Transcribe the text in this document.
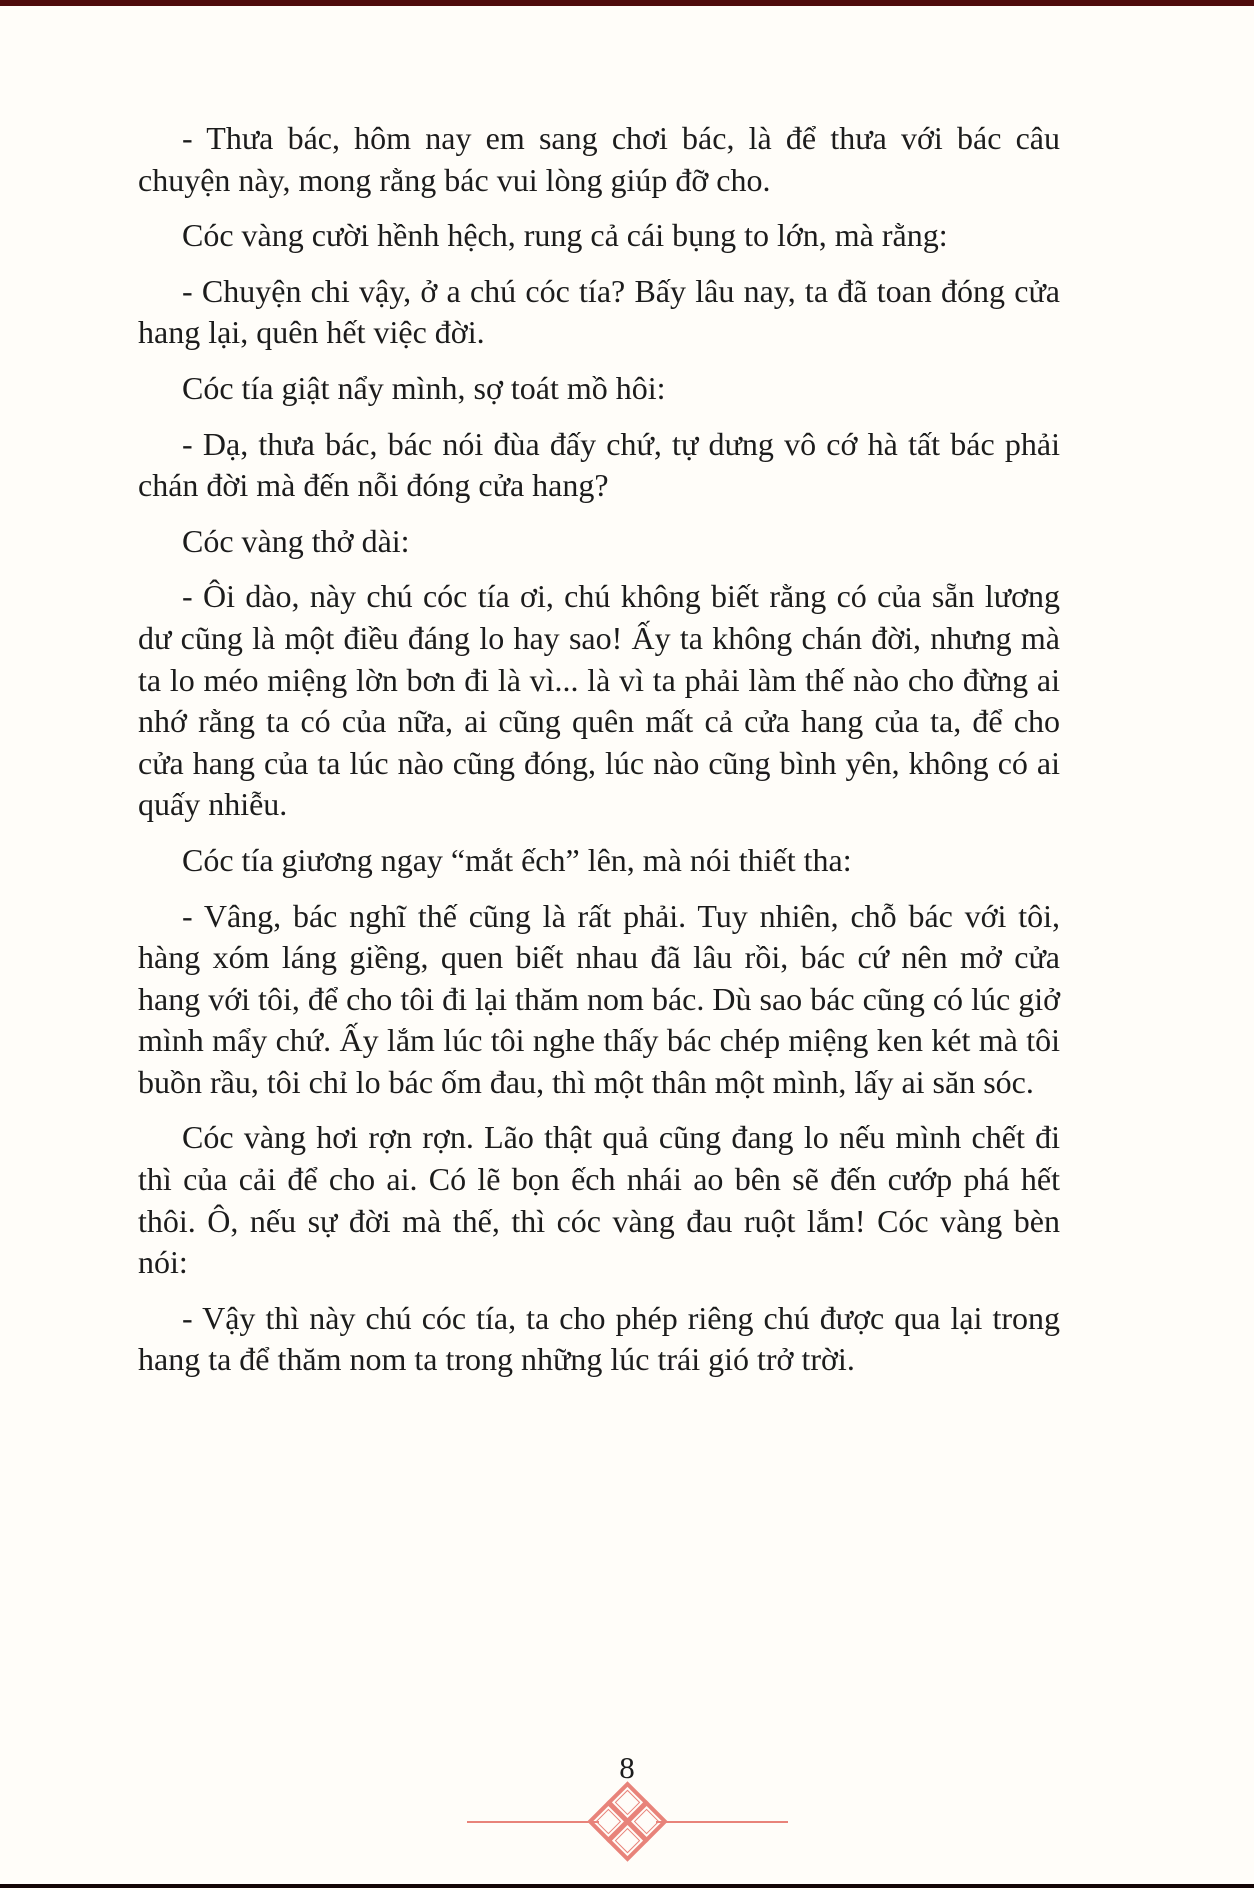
- Thưa bác, hôm nay em sang chơi bác, là để thưa với bác câu chuyện này, mong rằng bác vui lòng giúp đỡ cho.

Cóc vàng cười hềnh hệch, rung cả cái bụng to lớn, mà rằng:

- Chuyện chi vậy, ở a chú cóc tía? Bấy lâu nay, ta đã toan đóng cửa hang lại, quên hết việc đời.

Cóc tía giật nẩy mình, sợ toát mồ hôi:

- Dạ, thưa bác, bác nói đùa đấy chứ, tự dưng vô cớ hà tất bác phải chán đời mà đến nỗi đóng cửa hang?

Cóc vàng thở dài:

- Ôi dào, này chú cóc tía ơi, chú không biết rằng có của sẵn lương dư cũng là một điều đáng lo hay sao! Ấy ta không chán đời, nhưng mà ta lo méo miệng lờn bơn đi là vì... là vì ta phải làm thế nào cho đừng ai nhớ rằng ta có của nữa, ai cũng quên mất cả cửa hang của ta, để cho cửa hang của ta lúc nào cũng đóng, lúc nào cũng bình yên, không có ai quấy nhiễu.

Cóc tía giương ngay “mắt ếch” lên, mà nói thiết tha:

- Vâng, bác nghĩ thế cũng là rất phải. Tuy nhiên, chỗ bác với tôi, hàng xóm láng giềng, quen biết nhau đã lâu rồi, bác cứ nên mở cửa hang với tôi, để cho tôi đi lại thăm nom bác. Dù sao bác cũng có lúc giở mình mẩy chứ. Ấy lắm lúc tôi nghe thấy bác chép miệng ken két mà tôi buồn rầu, tôi chỉ lo bác ốm đau, thì một thân một mình, lấy ai săn sóc.

Cóc vàng hơi rợn rợn. Lão thật quả cũng đang lo nếu mình chết đi thì của cải để cho ai. Có lẽ bọn ếch nhái ao bên sẽ đến cướp phá hết thôi. Ô, nếu sự đời mà thế, thì cóc vàng đau ruột lắm! Cóc vàng bèn nói:

- Vậy thì này chú cóc tía, ta cho phép riêng chú được qua lại trong hang ta để thăm nom ta trong những lúc trái gió trở trời.

8
